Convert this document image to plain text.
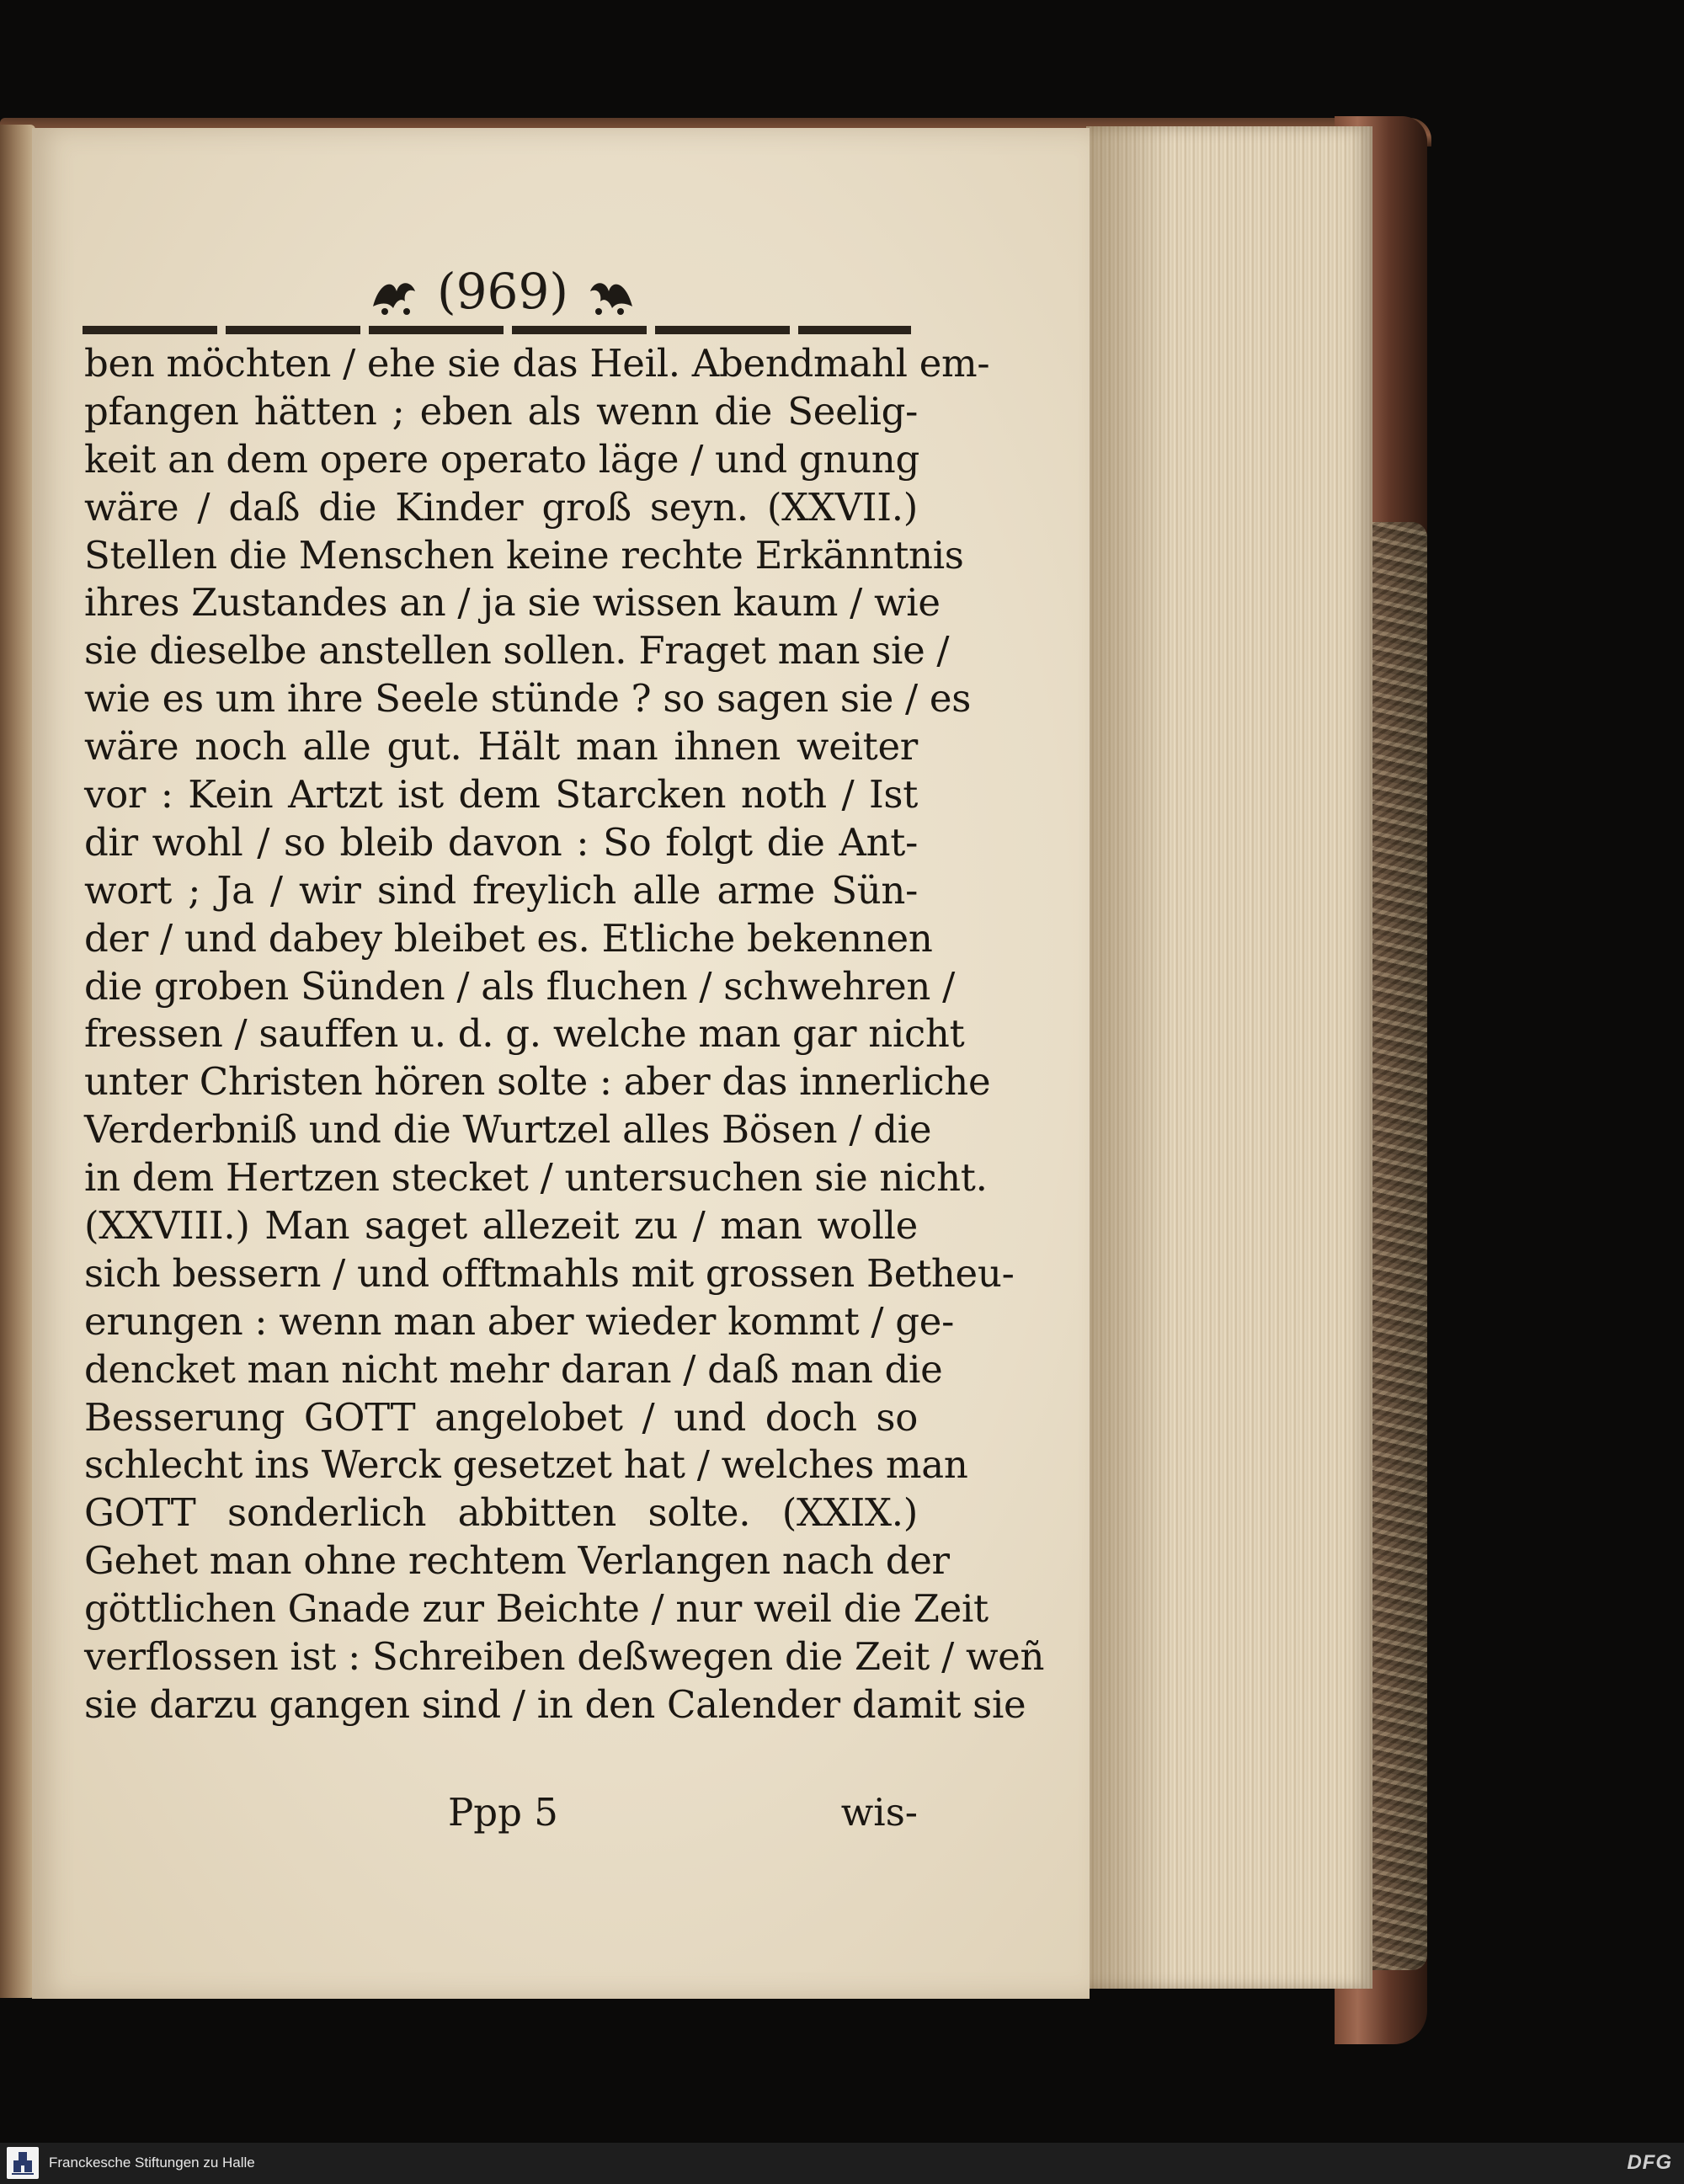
(969)
ben möchten / ehe sie das Heil. Abendmahl em-
pfangen hätten ; eben als wenn die Seelig-
keit an dem opere operato läge / und gnung
wäre / daß die Kinder groß seyn. (XXVII.)
Stellen die Menschen keine rechte Erkänntnis
ihres Zustandes an / ja sie wissen kaum / wie
sie dieselbe anstellen sollen. Fraget man sie /
wie es um ihre Seele stünde ? so sagen sie / es
wäre noch alle gut. Hält man ihnen weiter
vor : Kein Artzt ist dem Starcken noth / Ist
dir wohl / so bleib davon : So folgt die Ant-
wort ; Ja / wir sind freylich alle arme Sün-
der / und dabey bleibet es. Etliche bekennen
die groben Sünden / als fluchen / schwehren /
fressen / sauffen u. d. g. welche man gar nicht
unter Christen hören solte : aber das innerliche
Verderbniß und die Wurtzel alles Bösen / die
in dem Hertzen stecket / untersuchen sie nicht.
(XXVIII.) Man saget allezeit zu / man wolle
sich bessern / und offtmahls mit grossen Betheu-
erungen : wenn man aber wieder kommt / ge-
dencket man nicht mehr daran / daß man die
Besserung GOTT angelobet / und doch so
schlecht ins Werck gesetzet hat / welches man
GOTT sonderlich abbitten solte. (XXIX.)
Gehet man ohne rechtem Verlangen nach der
göttlichen Gnade zur Beichte / nur weil die Zeit
verflossen ist : Schreiben deßwegen die Zeit / weñ
sie darzu gangen sind / in den Calender damit sie
Ppp 5	wis-
Franckesche Stiftungen zu Halle	DFG
